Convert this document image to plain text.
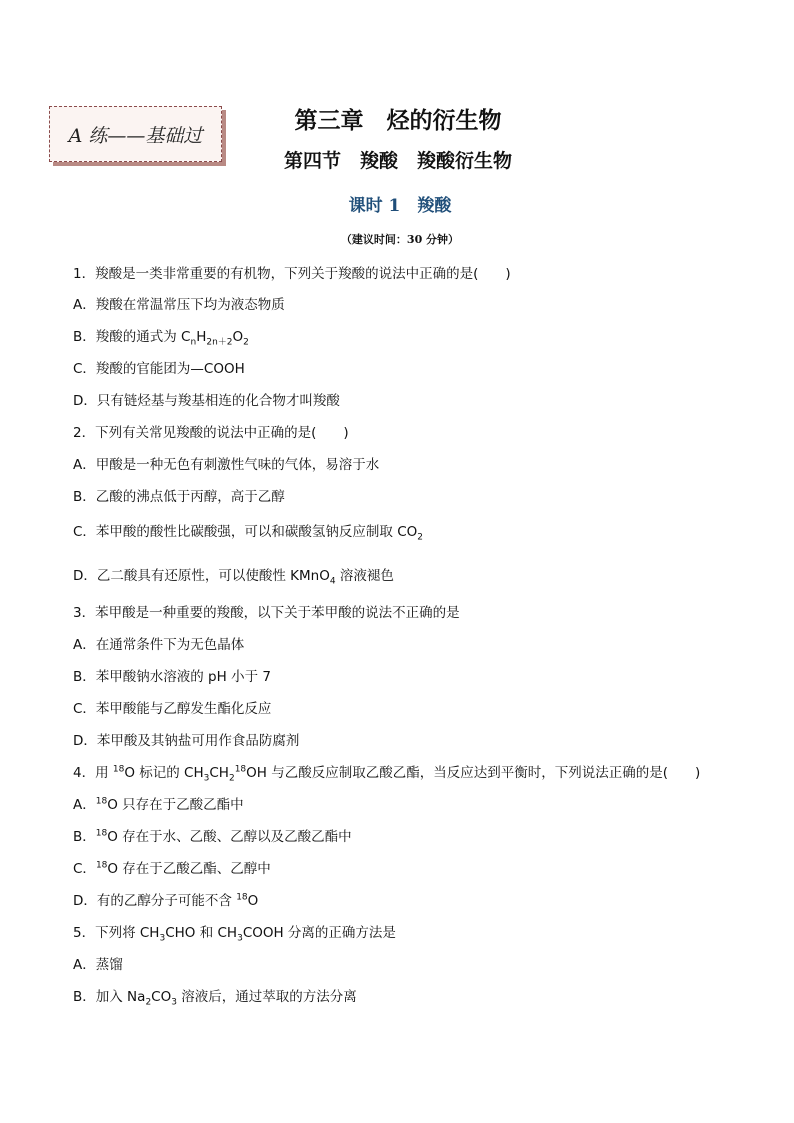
A 练——基础过
第三章　烃的衍生物
第四节　羧酸　羧酸衍生物
课时 1　羧酸
（建议时间：30 分钟）
1．羧酸是一类非常重要的有机物，下列关于羧酸的说法中正确的是(　　)
A．羧酸在常温常压下均为液态物质
B．羧酸的通式为 $C_nH_{2n+2}O_2$
C．羧酸的官能团为—COOH
D．只有链烃基与羧基相连的化合物才叫羧酸
2．下列有关常见羧酸的说法中正确的是(　　)
A．甲酸是一种无色有刺激性气味的气体，易溶于水
B．乙酸的沸点低于丙醇，高于乙醇
C．苯甲酸的酸性比碳酸强，可以和碳酸氢钠反应制取 $CO_2$
D．乙二酸具有还原性，可以使酸性 KMnO$_4$ 溶液褪色
3．苯甲酸是一种重要的羧酸，以下关于苯甲酸的说法不正确的是
A．在通常条件下为无色晶体
B．苯甲酸钠水溶液的 pH 小于 7
C．苯甲酸能与乙醇发生酯化反应
D．苯甲酸及其钠盐可用作食品防腐剂
4．用 $^{18}$O 标记的 $CH_3CH_2^{18}OH$ 与乙酸反应制取乙酸乙酯，当反应达到平衡时，下列说法正确的是(　　)
A．$^{18}$O 只存在于乙酸乙酯中
B．$^{18}$O 存在于水、乙酸、乙醇以及乙酸乙酯中
C．$^{18}$O 存在于乙酸乙酯、乙醇中
D．有的乙醇分子可能不含 $^{18}$O
5．下列将 $CH_3CHO$ 和 $CH_3COOH$ 分离的正确方法是
A．蒸馏
B．加入 $Na_2CO_3$ 溶液后，通过萃取的方法分离
